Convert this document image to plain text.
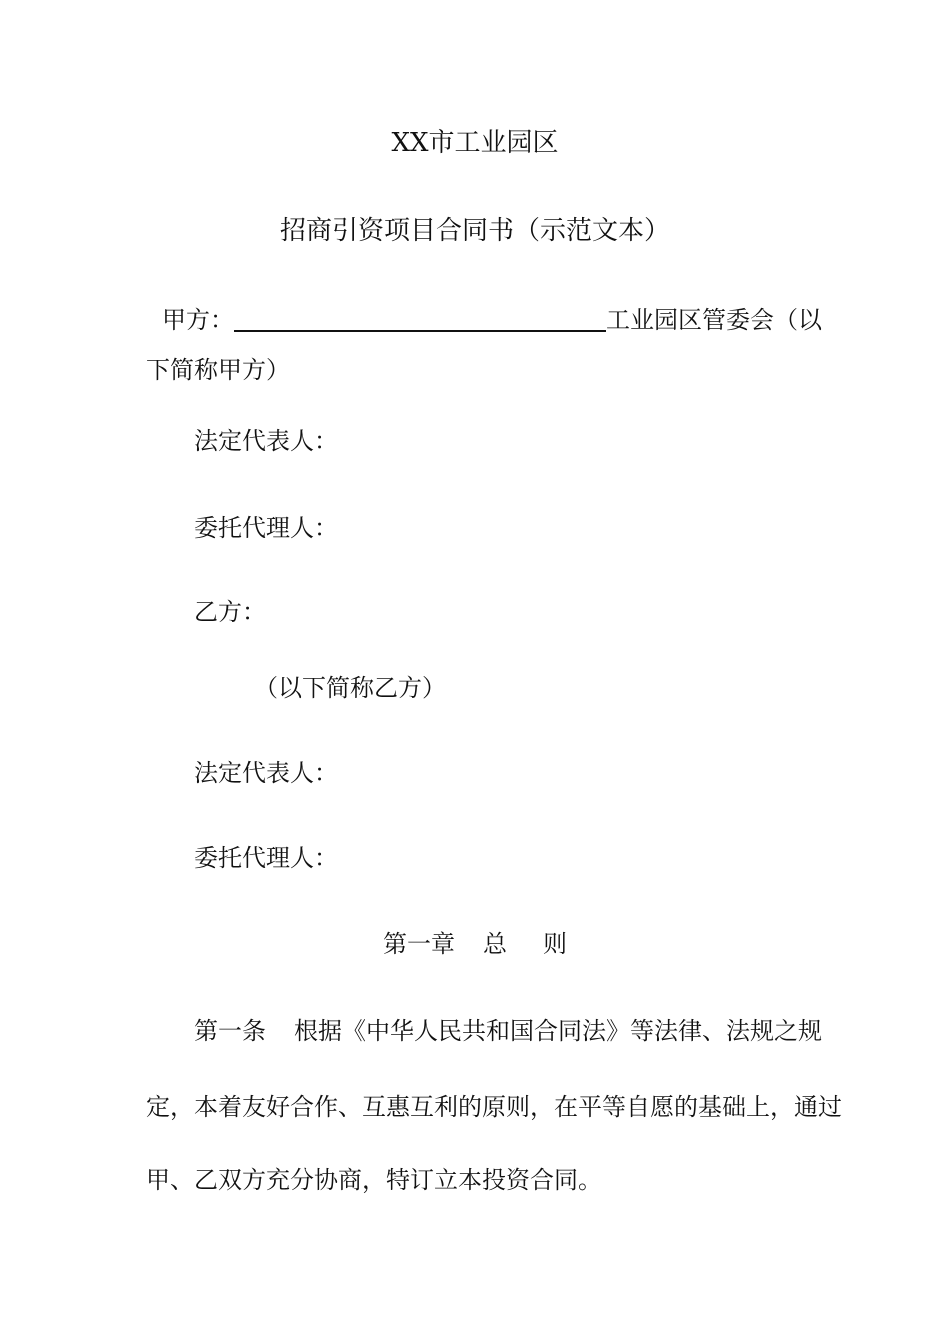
XX市工业园区
招商引资项目合同书（示范文本）
甲方：	工业园区管委会（以
下简称甲方）
法定代表人：
委托代理人：
乙方：
（以下简称乙方）
法定代表人：
委托代理人：
第一章 总 则
第一条 根据《中华人民共和国合同法》等法律、法规之规
定，本着友好合作、互惠互利的原则，在平等自愿的基础上，通过
甲、乙双方充分协商，特订立本投资合同。
